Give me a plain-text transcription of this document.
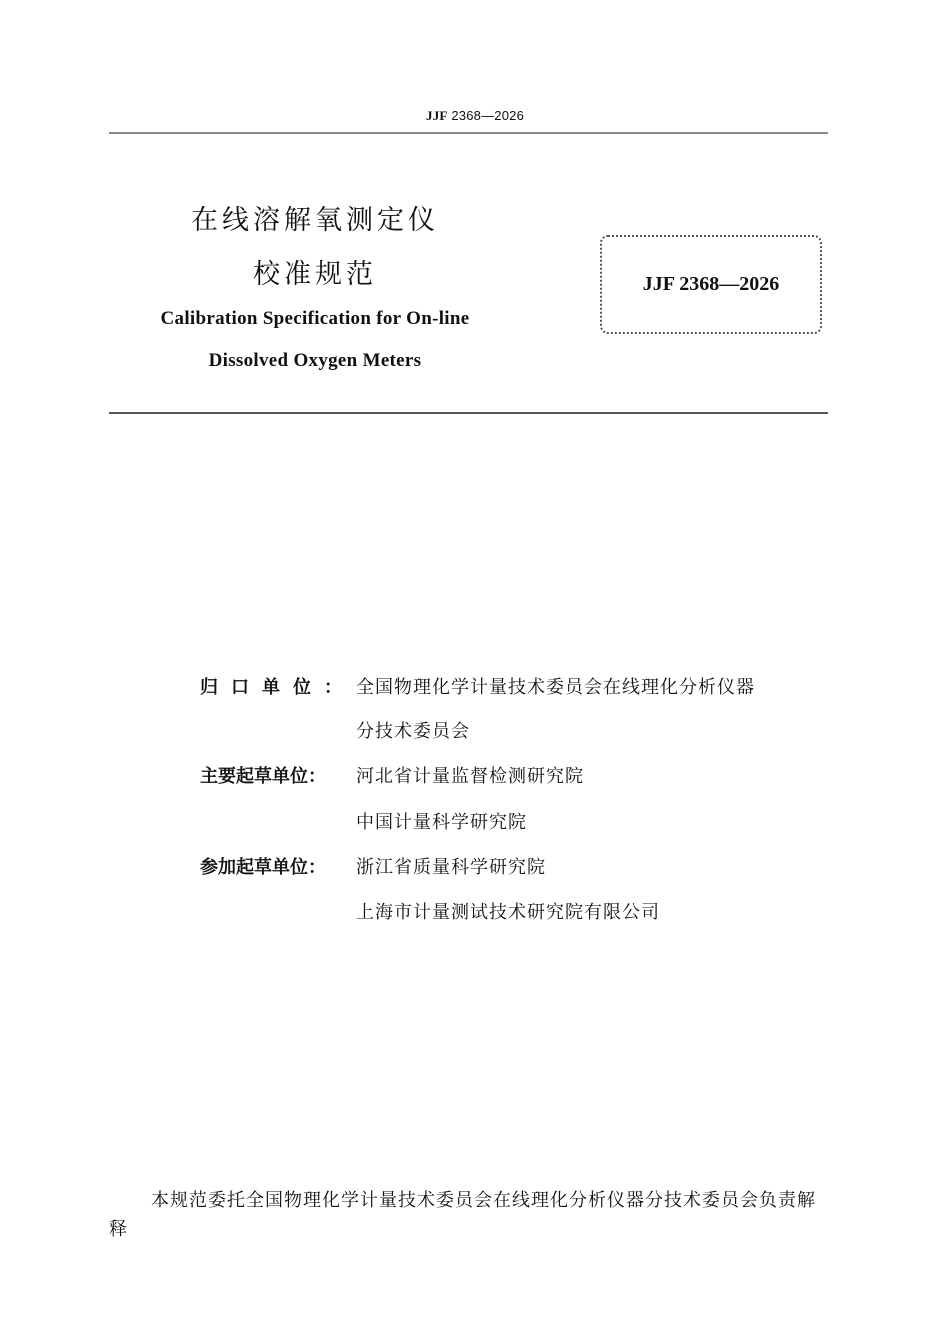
JJF 2368—2026
在线溶解氧测定仪
校准规范
Calibration Specification for On-line
Dissolved Oxygen Meters
JJF 2368—2026
归口单位： 全国物理化学计量技术委员会在线理化分析仪器
分技术委员会
主要起草单位：	河北省计量监督检测研究院
中国计量科学研究院
参加起草单位：	浙江省质量科学研究院
上海市计量测试技术研究院有限公司
本规范委托全国物理化学计量技术委员会在线理化分析仪器分技术委员会负责解释
